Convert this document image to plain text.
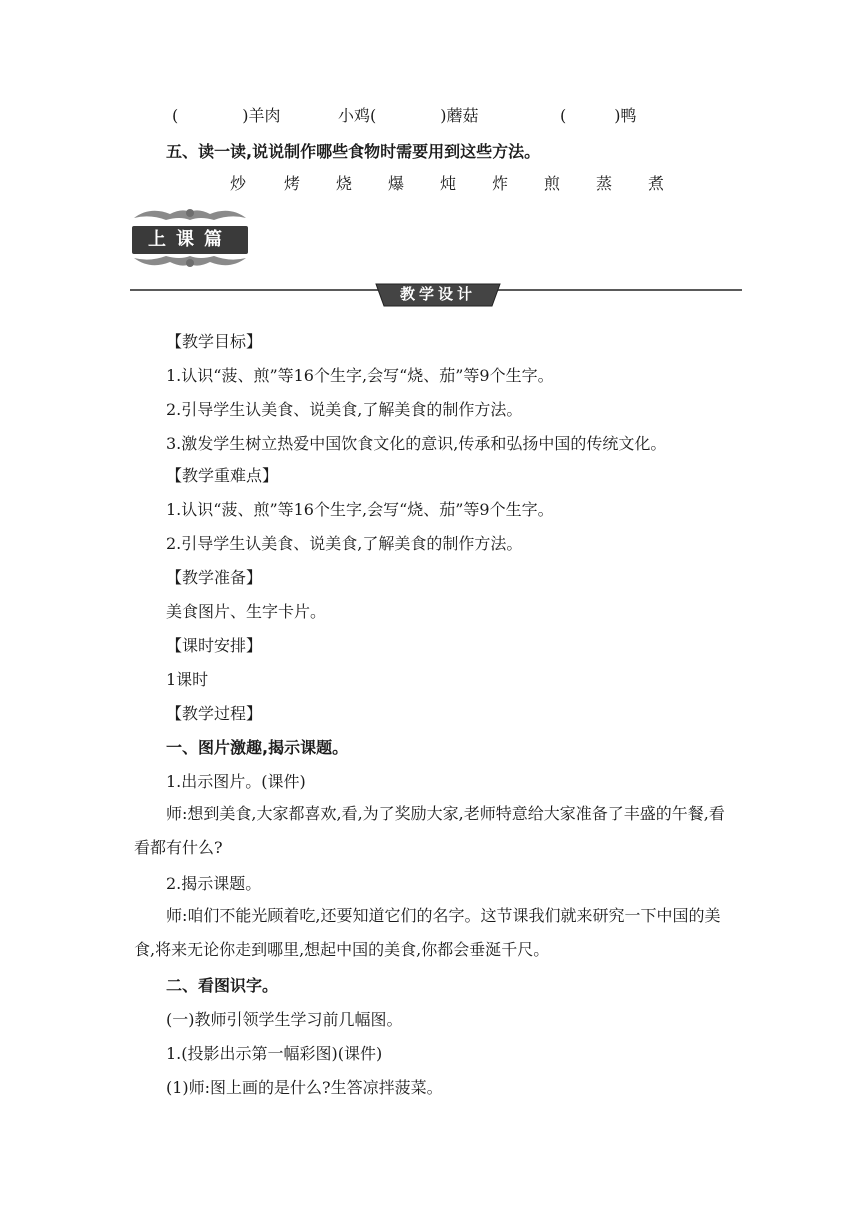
(　　　　)羊肉	小鸡(　　　　)蘑菇	(　　　)鸭
五、读一读,说说制作哪些食物时需要用到这些方法。
炒 烤 烧 爆 炖 炸 煎 蒸 煮
上课篇
教学设计
【教学目标】
1.认识“菠、煎”等16个生字,会写“烧、茄”等9个生字。
2.引导学生认美食、说美食,了解美食的制作方法。
3.激发学生树立热爱中国饮食文化的意识,传承和弘扬中国的传统文化。
【教学重难点】
1.认识“菠、煎”等16个生字,会写“烧、茄”等9个生字。
2.引导学生认美食、说美食,了解美食的制作方法。
【教学准备】
美食图片、生字卡片。
【课时安排】
1课时
【教学过程】
一、图片激趣,揭示课题。
1.出示图片。(课件)
师:想到美食,大家都喜欢,看,为了奖励大家,老师特意给大家准备了丰盛的午餐,看看都有什么?
2.揭示课题。
师:咱们不能光顾着吃,还要知道它们的名字。这节课我们就来研究一下中国的美食,将来无论你走到哪里,想起中国的美食,你都会垂涎千尺。
二、看图识字。
(一)教师引领学生学习前几幅图。
1.(投影出示第一幅彩图)(课件)
(1)师:图上画的是什么?生答凉拌菠菜。
